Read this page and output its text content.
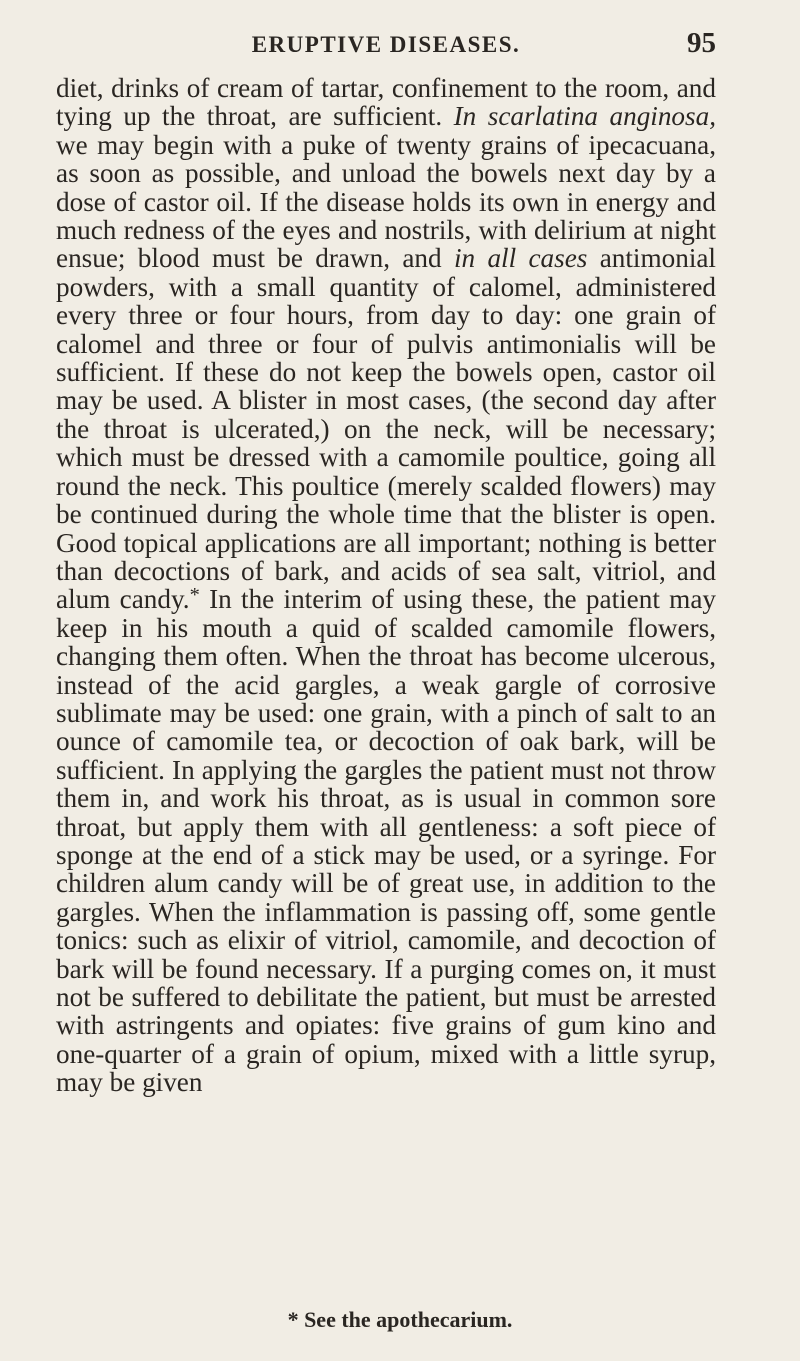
ERUPTIVE DISEASES.	95

diet, drinks of cream of tartar, confinement to the room, and tying up the throat, are sufficient. In scarlatina anginosa, we may begin with a puke of twenty grains of ipecacuana, as soon as possible, and unload the bowels next day by a dose of castor oil. If the disease holds its own in energy and much redness of the eyes and nostrils, with delirium at night ensue; blood must be drawn, and in all cases antimonial powders, with a small quantity of calomel, administered every three or four hours, from day to day: one grain of calomel and three or four of pulvis antimonialis will be sufficient. If these do not keep the bowels open, castor oil may be used. A blister in most cases, (the second day after the throat is ulcerated,) on the neck, will be necessary; which must be dressed with a camomile poultice, going all round the neck. This poultice (merely scalded flowers) may be continued during the whole time that the blister is open. Good topical applications are all important; nothing is better than decoctions of bark, and acids of sea salt, vitriol, and alum candy.* In the interim of using these, the patient may keep in his mouth a quid of scalded camomile flowers, changing them often. When the throat has become ulcerous, instead of the acid gargles, a weak gargle of corrosive sublimate may be used: one grain, with a pinch of salt to an ounce of camomile tea, or decoction of oak bark, will be sufficient. In applying the gargles the patient must not throw them in, and work his throat, as is usual in common sore throat, but apply them with all gentleness: a soft piece of sponge at the end of a stick may be used, or a syringe. For children alum candy will be of great use, in addition to the gargles. When the inflammation is passing off, some gentle tonics: such as elixir of vitriol, camomile, and decoction of bark will be found necessary. If a purging comes on, it must not be suffered to debilitate the patient, but must be arrested with astringents and opiates: five grains of gum kino and one-quarter of a grain of opium, mixed with a little syrup, may be given

* See the apothecarium.
